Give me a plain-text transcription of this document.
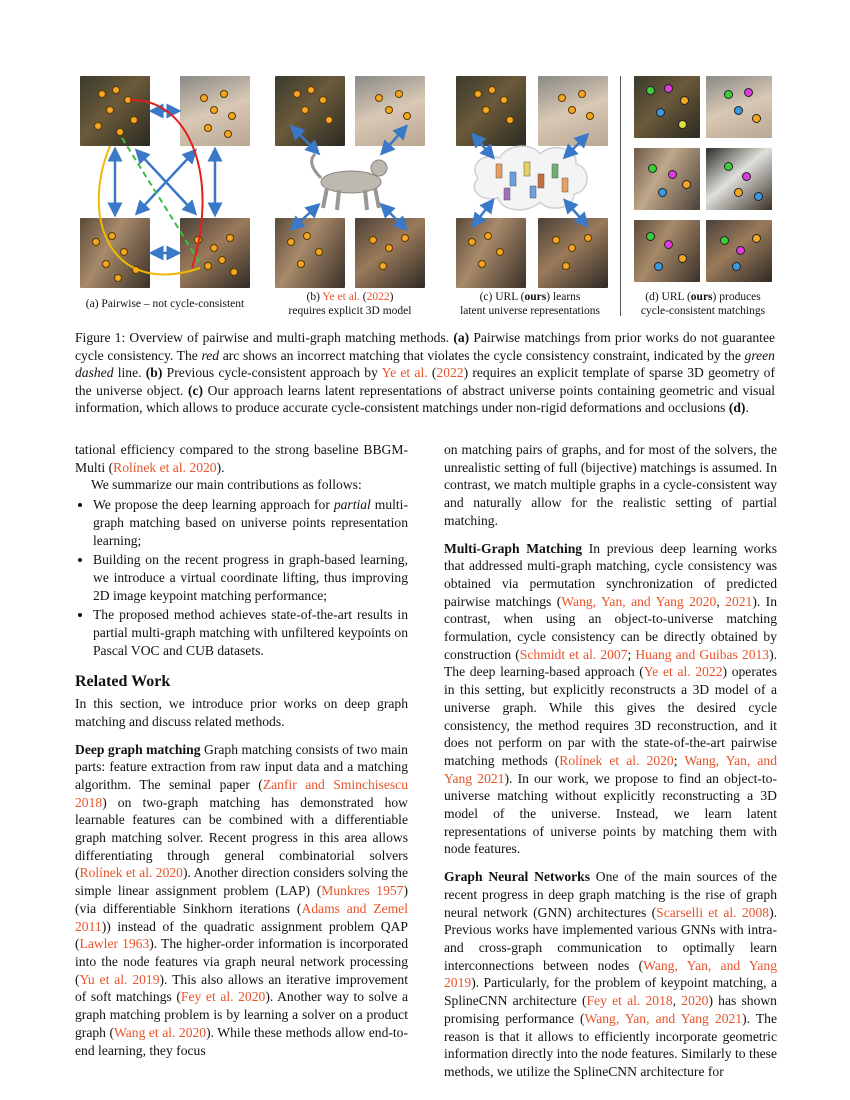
(a) Pairwise – not cycle-consistent
(b) Ye et al. (2022)
requires explicit 3D model
(c) URL (ours) learns
latent universe representations
(d) URL (ours) produces
cycle-consistent matchings
Figure 1: Overview of pairwise and multi-graph matching methods. (a) Pairwise matchings from prior works do not guarantee cycle consistency. The red arc shows an incorrect matching that violates the cycle consistency constraint, indicated by the green dashed line. (b) Previous cycle-consistent approach by Ye et al. (2022) requires an explicit template of sparse 3D geometry of the universe object. (c) Our approach learns latent representations of abstract universe points containing geometric and visual information, which allows to produce accurate cycle-consistent matchings under non-rigid deformations and occlusions (d).

tational efficiency compared to the strong baseline BBGM-Multi (Rolínek et al. 2020).

We summarize our main contributions as follows:

• We propose the deep learning approach for partial multi-graph matching based on universe points representation learning;
• Building on the recent progress in graph-based learning, we introduce a virtual coordinate lifting, thus improving 2D image keypoint matching performance;
• The proposed method achieves state-of-the-art results in partial multi-graph matching with unfiltered keypoints on Pascal VOC and CUB datasets.
Related Work

In this section, we introduce prior works on deep graph matching and discuss related methods.

Deep graph matching Graph matching consists of two main parts: feature extraction from raw input data and a matching algorithm. The seminal paper (Zanfir and Sminchisescu 2018) on two-graph matching has demonstrated how learnable features can be combined with a differentiable graph matching solver. Recent progress in this area allows differentiating through general combinatorial solvers (Rolínek et al. 2020). Another direction considers solving the simple linear assignment problem (LAP) (Munkres 1957) (via differentiable Sinkhorn iterations (Adams and Zemel 2011)) instead of the quadratic assignment problem QAP (Lawler 1963). The higher-order information is incorporated into the node features via graph neural network processing (Yu et al. 2019). This also allows an iterative improvement of soft matchings (Fey et al. 2020). Another way to solve a graph matching problem is by learning a solver on a product graph (Wang et al. 2020). While these methods allow end-to-end learning, they focus

on matching pairs of graphs, and for most of the solvers, the unrealistic setting of full (bijective) matchings is assumed. In contrast, we match multiple graphs in a cycle-consistent way and naturally allow for the realistic setting of partial matching.

Multi-Graph Matching In previous deep learning works that addressed multi-graph matching, cycle consistency was obtained via permutation synchronization of predicted pairwise matchings (Wang, Yan, and Yang 2020, 2021). In contrast, when using an object-to-universe matching formulation, cycle consistency can be directly obtained by construction (Schmidt et al. 2007; Huang and Guibas 2013). The deep learning-based approach (Ye et al. 2022) operates in this setting, but explicitly reconstructs a 3D model of a universe graph. While this gives the desired cycle consistency, the method requires 3D reconstruction, and it does not perform on par with the state-of-the-art pairwise matching methods (Rolínek et al. 2020; Wang, Yan, and Yang 2021). In our work, we propose to find an object-to-universe matching without explicitly reconstructing a 3D model of the universe. Instead, we learn latent representations of universe points by matching them with node features.

Graph Neural Networks One of the main sources of the recent progress in deep graph matching is the rise of graph neural network (GNN) architectures (Scarselli et al. 2008). Previous works have implemented various GNNs with intra- and cross-graph communication to optimally learn interconnections between nodes (Wang, Yan, and Yang 2019). Particularly, for the problem of keypoint matching, a SplineCNN architecture (Fey et al. 2018, 2020) has shown promising performance (Wang, Yan, and Yang 2021). The reason is that it allows to efficiently incorporate geometric information directly into the node features. Similarly to these methods, we utilize the SplineCNN architecture for
